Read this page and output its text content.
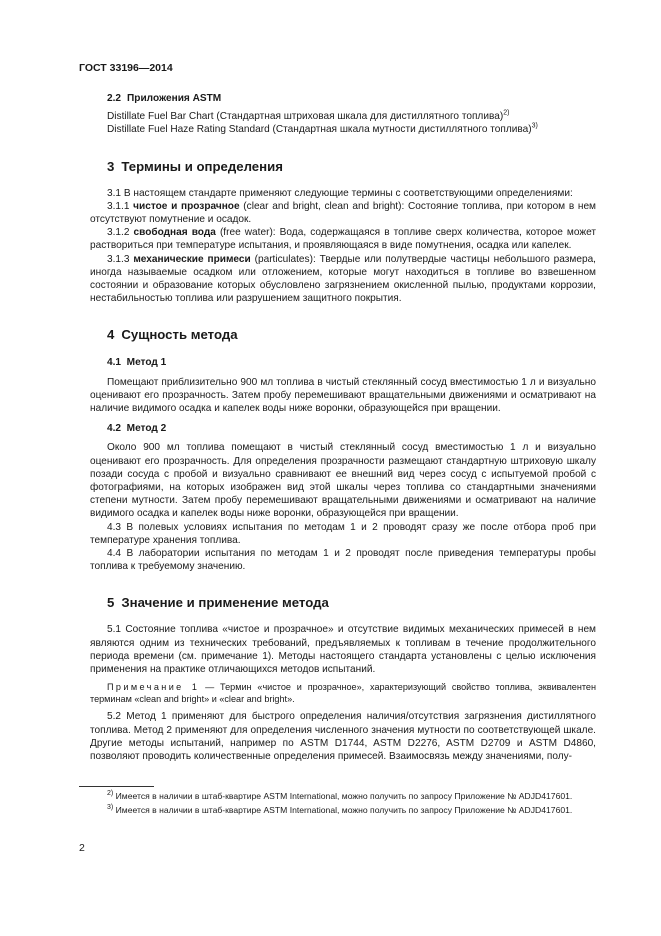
ГОСТ 33196—2014

2.2 Приложения ASTM

Distillate Fuel Bar Chart (Стандартная штриховая шкала для дистиллятного топлива)$^{2)}$

Distillate Fuel Haze Rating Standard (Стандартная шкала мутности дистиллятного топлива)$^{3)}$

3 Термины и определения

3.1 В настоящем стандарте применяют следующие термины с соответствующими определениями:

3.1.1 чистое и прозрачное (clear and bright, clean and bright): Состояние топлива, при котором в нем отсутствуют помутнение и осадок.

3.1.2 свободная вода (free water): Вода, содержащаяся в топливе сверх количества, которое может раствориться при температуре испытания, и проявляющаяся в виде помутнения, осадка или капелек.

3.1.3 механические примеси (particulates): Твердые или полутвердые частицы небольшого размера, иногда называемые осадком или отложением, которые могут находиться в топливе во взвешенном состоянии и образование которых обусловлено загрязнением окисленной пылью, продуктами коррозии, нестабильностью топлива или разрушением защитного покрытия.

4 Сущность метода

4.1 Метод 1

Помещают приблизительно 900 мл топлива в чистый стеклянный сосуд вместимостью 1 л и визуально оценивают его прозрачность. Затем пробу перемешивают вращательными движениями и осматривают на наличие видимого осадка и капелек воды ниже воронки, образующейся при вращении.

4.2 Метод 2

Около 900 мл топлива помещают в чистый стеклянный сосуд вместимостью 1 л и визуально оценивают его прозрачность. Для определения прозрачности размещают стандартную штриховую шкалу позади сосуда с пробой и визуально сравнивают ее внешний вид через сосуд с испытуемой пробой с фотографиями, на которых изображен вид этой шкалы через топлива со стандартными значениями степени мутности. Затем пробу перемешивают вращательными движениями и осматривают на наличие видимого осадка и капелек воды ниже воронки, образующейся при вращении.

4.3 В полевых условиях испытания по методам 1 и 2 проводят сразу же после отбора проб при температуре хранения топлива.

4.4 В лаборатории испытания по методам 1 и 2 проводят после приведения температуры пробы топлива к требуемому значению.

5 Значение и применение метода

5.1 Состояние топлива «чистое и прозрачное» и отсутствие видимых механических примесей в нем являются одним из технических требований, предъявляемых к топливам в течение продолжительного периода времени (см. примечание 1). Методы настоящего стандарта установлены с целью исключения применения на практике отличающихся методов испытаний.

Примечание 1 — Термин «чистое и прозрачное», характеризующий свойство топлива, эквивалентен терминам «clean and bright» и «clear and bright».

5.2 Метод 1 применяют для быстрого определения наличия/отсутствия загрязнения дистиллятного топлива. Метод 2 применяют для определения численного значения мутности по соответствующей шкале. Другие методы испытаний, например по ASTM D1744, ASTM D2276, ASTM D2709 и ASTM D4860, позволяют проводить количественные определения примесей. Взаимосвязь между значениями, полу-

$^{2)}$ Имеется в наличии в штаб-квартире ASTM International, можно получить по запросу Приложение № ADJD417601.

$^{3)}$ Имеется в наличии в штаб-квартире ASTM International, можно получить по запросу Приложение № ADJD417601.

2
